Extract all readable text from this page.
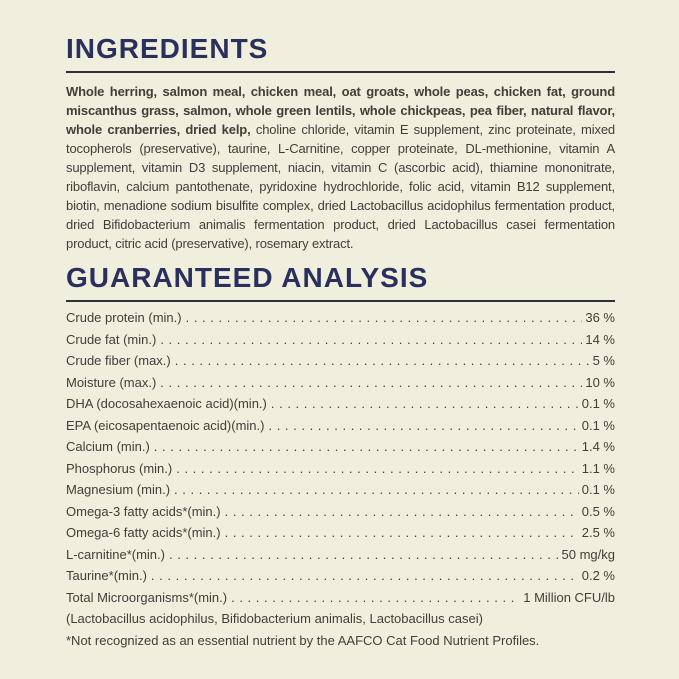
INGREDIENTS

Whole herring, salmon meal, chicken meal, oat groats, whole peas, chicken fat, ground miscanthus grass, salmon, whole green lentils, whole chickpeas, pea fiber, natural flavor, whole cranberries, dried kelp, choline chloride, vitamin E supplement, zinc proteinate, mixed tocopherols (preservative), taurine, L-Carnitine, copper proteinate, DL-methionine, vitamin A supplement, vitamin D3 supplement, niacin, vitamin C (ascorbic acid), thiamine mononitrate, riboflavin, calcium pantothenate, pyridoxine hydrochloride, folic acid, vitamin B12 supplement, biotin, menadione sodium bisulfite complex, dried Lactobacillus acidophilus fermentation product, dried Bifidobacterium animalis fermentation product, dried Lactobacillus casei fermentation product, citric acid (preservative), rosemary extract.

GUARANTEED ANALYSIS
Crude protein (min.) . . .	36 %
Crude fat (min.) . . .	14 %
Crude fiber (max.) . . .	5 %
Moisture (max.) . . .	10 %
DHA (docosahexaenoic acid)(min.) . . .	0.1 %
EPA (eicosapentaenoic acid)(min.) . . .	0.1 %
Calcium (min.) . . .	1.4 %
Phosphorus (min.) . . .	1.1 %
Magnesium (min.) . . .	0.1 %
Omega-3 fatty acids*(min.) . . .	0.5 %
Omega-6 fatty acids*(min.) . . .	2.5 %
L-carnitine*(min.) . . .	50 mg/kg
Taurine*(min.) . . .	0.2 %
Total Microorganisms*(min.) . . .	1 Million CFU/lb
(Lactobacillus acidophilus, Bifidobacterium animalis, Lactobacillus casei)
*Not recognized as an essential nutrient by the AAFCO Cat Food Nutrient Profiles.
